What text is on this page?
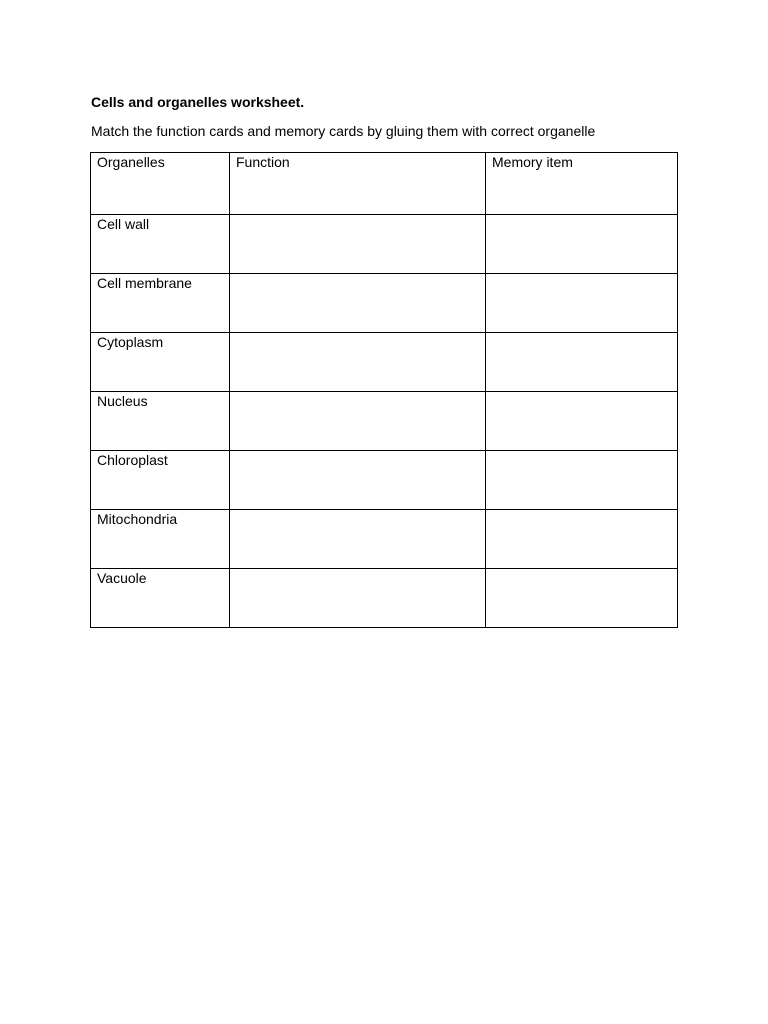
Cells and organelles worksheet.
Match the function cards and memory cards by gluing them with correct organelle
Organelles	Function	Memory item

Cell wall		

Cell membrane		

Cytoplasm		

Nucleus		

Chloroplast		

Mitochondria		

Vacuole		
